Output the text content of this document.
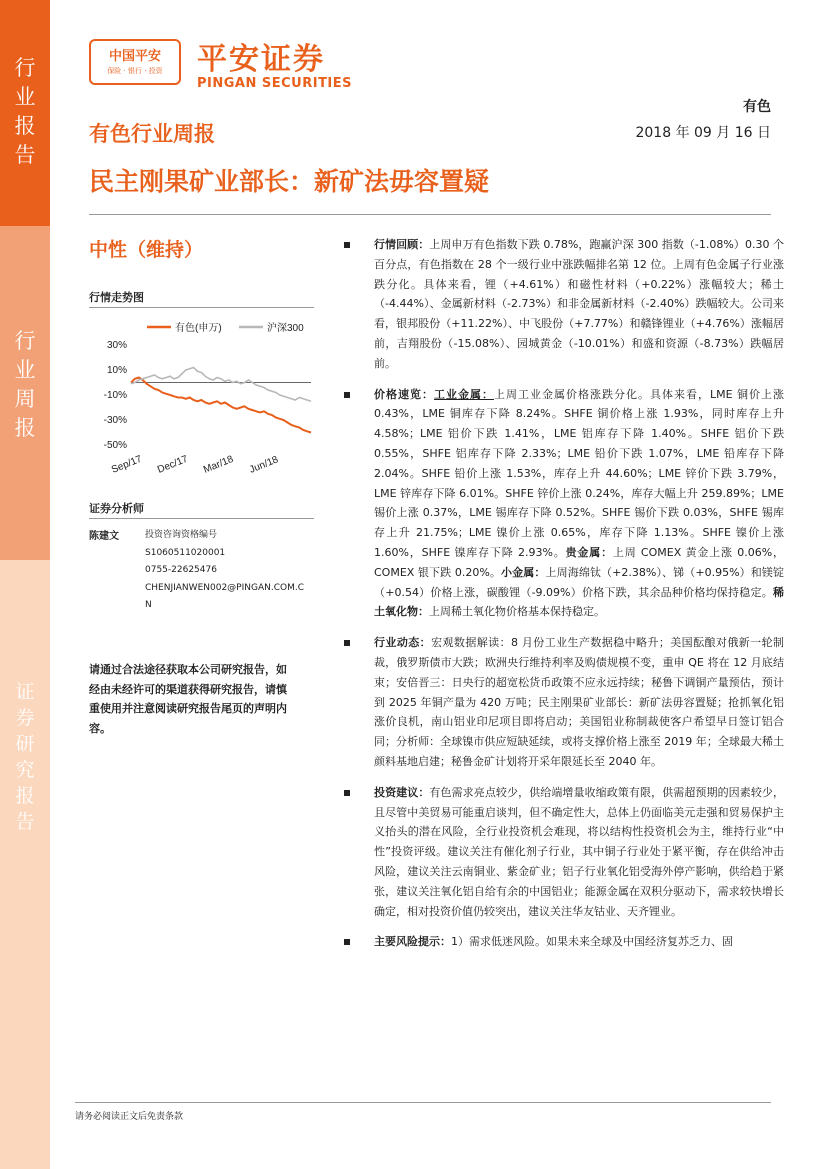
行
业
报
告
行
业
周
报
证
券
研
究
报
告
中国平安
保险 · 银行 · 投资	平安证券
PINGAN SECURITIES
有色
2018 年 09 月 16 日
有色行业周报
民主刚果矿业部长：新矿法毋容置疑
中性（维持）
行情走势图
30%
10%
-10%
-30%
-50%
有色(申万)	沪深300
Sep/17 Dec/17 Mar/18 Jun/18
证券分析师
陈建文	投资咨询资格编号
S1060511020001
0755-22625476
CHENJIANWEN002@PINGAN.COM.C
N
请通过合法途径获取本公司研究报告，如经由未经许可的渠道获得研究报告，请慎重使用并注意阅读研究报告尾页的声明内容。
行情回顾：上周申万有色指数下跌 0.78%，跑赢沪深 300 指数（-1.08%）0.30 个百分点，有色指数在 28 个一级行业中涨跌幅排名第 12 位。上周有色金属子行业涨跌分化。具体来看，锂（+4.61%）和磁性材料（+0.22%）涨幅较大；稀土（-4.44%）、金属新材料（-2.73%）和非金属新材料（-2.40%）跌幅较大。公司来看，银邦股份（+11.22%）、中飞股份（+7.77%）和赣锋锂业（+4.76%）涨幅居前，吉翔股份（-15.08%）、园城黄金（-10.01%）和盛和资源（-8.73%）跌幅居前。
价格速览：工业金属：上周工业金属价格涨跌分化。具体来看，LME 铜价上涨 0.43%，LME 铜库存下降 8.24%。SHFE 铜价格上涨 1.93%，同时库存上升 4.58%；LME 铝价下跌 1.41%，LME 铝库存下降 1.40%。SHFE 铝价下跌 0.55%，SHFE 铝库存下降 2.33%；LME 铅价下跌 1.07%，LME 铅库存下降 2.04%。SHFE 铅价上涨 1.53%，库存上升 44.60%；LME 锌价下跌 3.79%，LME 锌库存下降 6.01%。SHFE 锌价上涨 0.24%，库存大幅上升 259.89%；LME 锡价上涨 0.37%，LME 锡库存下降 0.52%。SHFE 锡价下跌 0.03%，SHFE 锡库存上升 21.75%；LME 镍价上涨 0.65%，库存下降 1.13%。SHFE 镍价上涨 1.60%，SHFE 镍库存下降 2.93%。贵金属：上周 COMEX 黄金上涨 0.06%，COMEX 银下跌 0.20%。小金属：上周海绵钛（+2.38%）、锑（+0.95%）和镁锭（+0.54）价格上涨，碳酸锂（-9.09%）价格下跌，其余品种价格均保持稳定。稀土氧化物：上周稀土氧化物价格基本保持稳定。
行业动态：宏观数据解读：8 月份工业生产数据稳中略升；美国酝酿对俄新一轮制裁，俄罗斯债市大跌；欧洲央行维持利率及购债规模不变，重申 QE 将在 12 月底结束；安倍晋三：日央行的超宽松货币政策不应永远持续；秘鲁下调铜产量预估，预计到 2025 年铜产量为 420 万吨；民主刚果矿业部长：新矿法毋容置疑；抢抓氧化铝涨价良机，南山铝业印尼项目即将启动；美国铝业称制裁使客户希望早日签订铝合同；分析师：全球镍市供应短缺延续，或将支撑价格上涨至 2019 年；全球最大稀土颜料基地启建；秘鲁金矿计划将开采年限延长至 2040 年。
投资建议：有色需求亮点较少，供给端增量收缩政策有限，供需超预期的因素较少，且尽管中美贸易可能重启谈判，但不确定性大，总体上仍面临美元走强和贸易保护主义抬头的潜在风险，全行业投资机会难现，将以结构性投资机会为主，维持行业“中性”投资评级。建议关注有催化剂子行业，其中铜子行业处于紧平衡，存在供给冲击风险，建议关注云南铜业、紫金矿业；铝子行业氧化铝受海外停产影响，供给趋于紧张，建议关注氧化铝自给有余的中国铝业；能源金属在双积分驱动下，需求较快增长确定，相对投资价值仍较突出，建议关注华友钴业、天齐锂业。
主要风险提示：1）需求低迷风险。如果未来全球及中国经济复苏乏力、固
请务必阅读正文后免责条款
